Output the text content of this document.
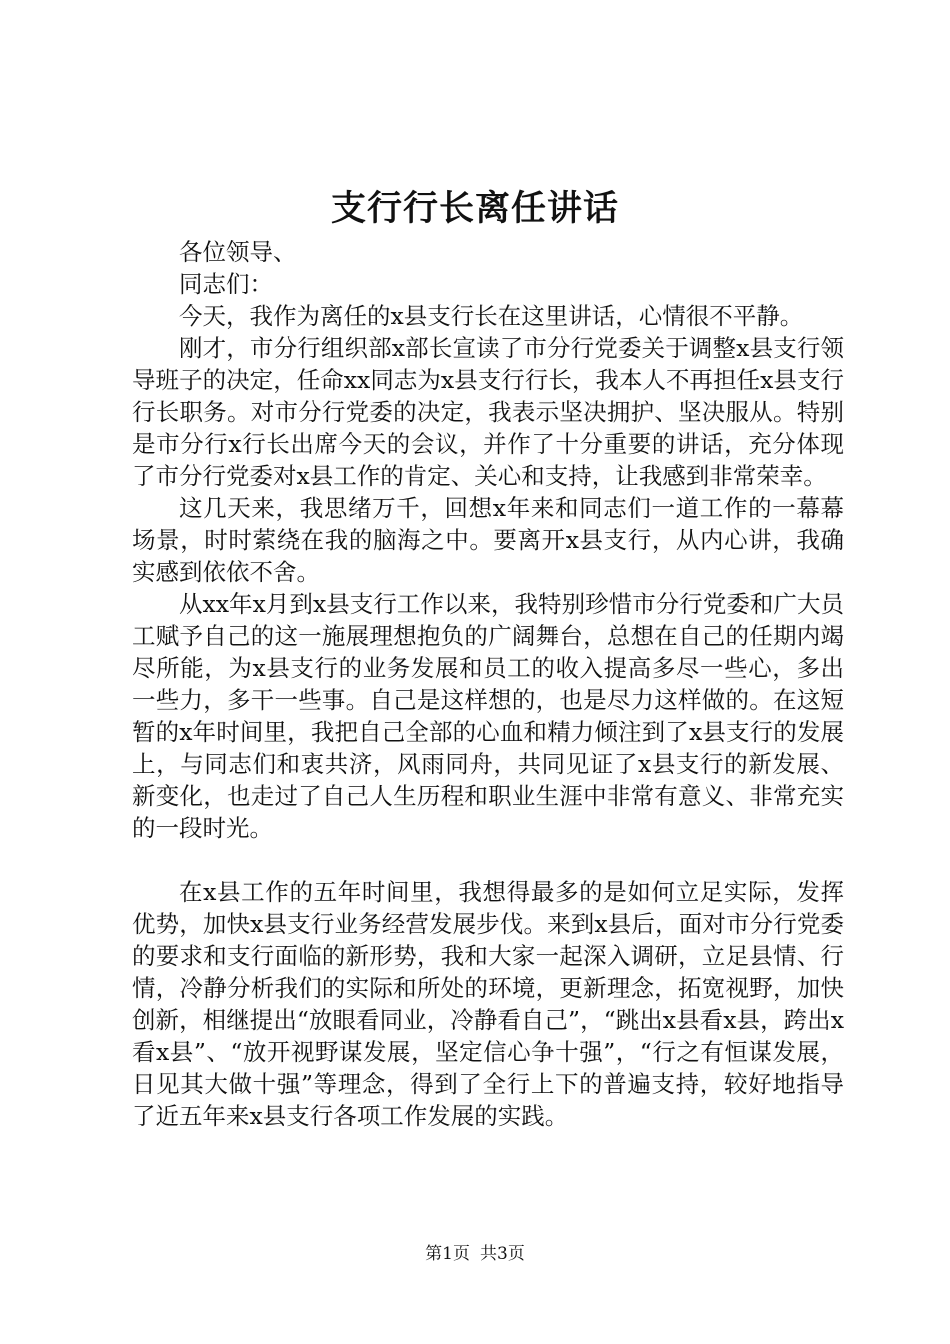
支行行长离任讲话

各位领导、

同志们：

今天，我作为离任的x县支行长在这里讲话，心情很不平静。

刚才，市分行组织部x部长宣读了市分行党委关于调整x县支行领导班子的决定，任命xx同志为x县支行行长，我本人不再担任x县支行行长职务。对市分行党委的决定，我表示坚决拥护、坚决服从。特别是市分行x行长出席今天的会议，并作了十分重要的讲话，充分体现了市分行党委对x县工作的肯定、关心和支持，让我感到非常荣幸。

这几天来，我思绪万千，回想x年来和同志们一道工作的一幕幕场景，时时萦绕在我的脑海之中。要离开x县支行，从内心讲，我确实感到依依不舍。

从xx年x月到x县支行工作以来，我特别珍惜市分行党委和广大员工赋予自己的这一施展理想抱负的广阔舞台，总想在自己的任期内竭尽所能，为x县支行的业务发展和员工的收入提高多尽一些心，多出一些力，多干一些事。自己是这样想的，也是尽力这样做的。在这短暂的x年时间里，我把自己全部的心血和精力倾注到了x县支行的发展上，与同志们和衷共济，风雨同舟，共同见证了x县支行的新发展、新变化，也走过了自己人生历程和职业生涯中非常有意义、非常充实的一段时光。

在x县工作的五年时间里，我想得最多的是如何立足实际，发挥优势，加快x县支行业务经营发展步伐。来到x县后，面对市分行党委的要求和支行面临的新形势，我和大家一起深入调研，立足县情、行情，冷静分析我们的实际和所处的环境，更新理念，拓宽视野，加快创新，相继提出“放眼看同业，冷静看自己”，“跳出x县看x县，跨出x看x县”、“放开视野谋发展，坚定信心争十强”，“行之有恒谋发展，日见其大做十强”等理念，得到了全行上下的普遍支持，较好地指导了近五年来x县支行各项工作发展的实践。

第1页 共3页
